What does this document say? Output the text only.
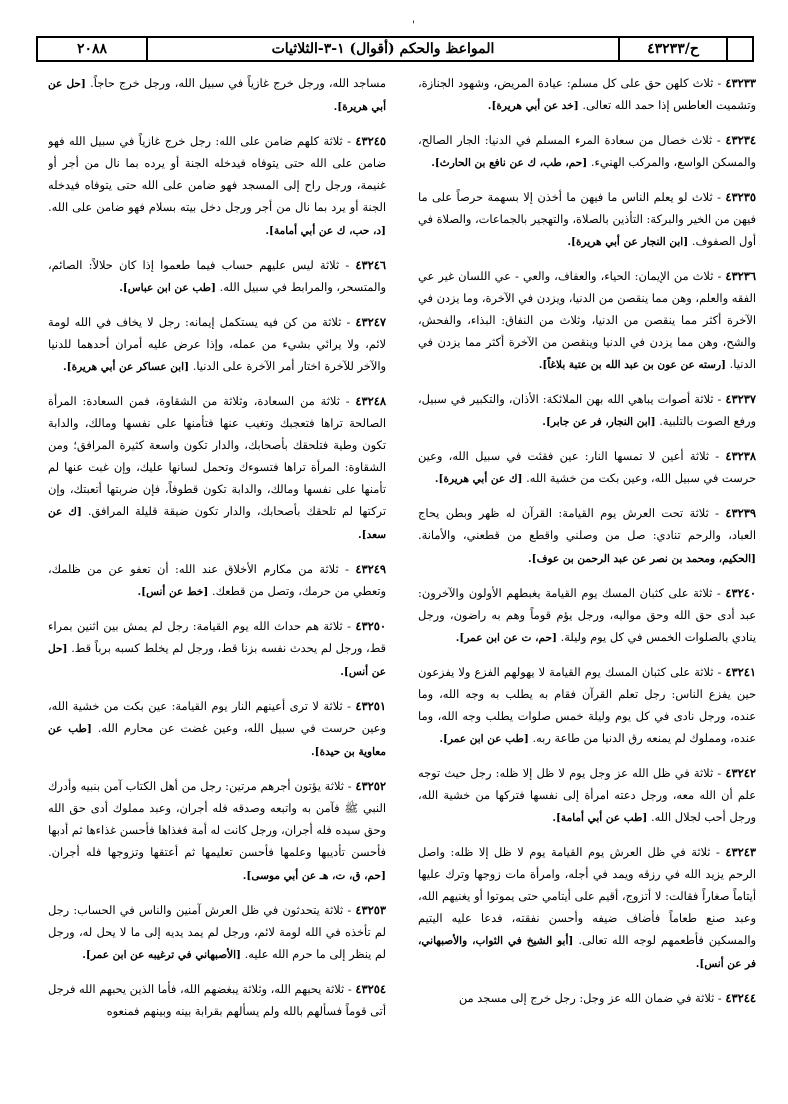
'
٢٠٨٨	المواعظ والحكم (أقوال) ١-٣-الثلاثيات	ح/٤٣٢٣٣

٤٣٢٣٣ - ثلاث كلهن حق على كل مسلم: عيادة المريض، وشهود الجنازة، وتشميت العاطس إذا حمد الله تعالى. [خد عن أبي هريرة].

٤٣٢٣٤ - ثلاث خصال من سعادة المرء المسلم في الدنيا: الجار الصالح، والمسكن الواسع، والمركب الهنيء. [حم، طب، ك عن نافع بن الحارث].

٤٣٢٣٥ - ثلاث لو يعلم الناس ما فيهن ما أخذن إلا بسهمة حرصاً على ما فيهن من الخير والبركة: التأذين بالصلاة، والتهجير بالجماعات، والصلاة في أول الصفوف. [ابن النجار عن أبي هريرة].

٤٣٢٣٦ - ثلاث من الإيمان: الحياء، والعفاف، والعي - عي اللسان غير عي الفقه والعلم، وهن مما ينقصن من الدنيا، ويزدن في الآخرة، وما يزدن في الآخرة أكثر مما ينقصن من الدنيا، وثلاث من النفاق: البذاء، والفحش، والشح، وهن مما يزدن في الدنيا وينقصن من الآخرة أكثر مما يزدن في الدنيا. [رسته عن عون بن عبد الله بن عتبة بلاغاً].

٤٣٢٣٧ - ثلاثة أصوات يباهي الله بهن الملائكة: الأذان، والتكبير في سبيل، ورفع الصوت بالتلبية. [ابن النجار، فر عن جابر].

٤٣٢٣٨ - ثلاثة أعين لا تمسها النار: عين فقئت في سبيل الله، وعين حرست في سبيل الله، وعين بكت من خشية الله. [ك عن أبي هريرة].

٤٣٢٣٩ - ثلاثة تحت العرش يوم القيامة: القرآن له ظهر وبطن يحاج العباد، والرحم تنادي: صل من وصلني واقطع من قطعني، والأمانة. [الحكيم، ومحمد بن نصر عن عبد الرحمن بن عوف].

٤٣٢٤٠ - ثلاثة على كثبان المسك يوم القيامة يغبطهم الأولون والآخرون: عبد أدى حق الله وحق مواليه، ورجل يؤم قوماً وهم به راضون، ورجل ينادي بالصلوات الخمس في كل يوم وليلة. [حم، ت عن ابن عمر].

٤٣٢٤١ - ثلاثة على كثبان المسك يوم القيامة لا يهولهم الفزع ولا يفزعون حين يفزع الناس: رجل تعلم القرآن فقام به يطلب به وجه الله، وما عنده، ورجل نادى في كل يوم وليلة خمس صلوات يطلب وجه الله، وما عنده، ومملوك لم يمنعه رق الدنيا من طاعة ربه. [طب عن ابن عمر].

٤٣٢٤٢ - ثلاثة في ظل الله عز وجل يوم لا ظل إلا ظله: رجل حيث توجه علم أن الله معه، ورجل دعته امرأة إلى نفسها فتركها من خشية الله، ورجل أحب لجلال الله. [طب عن أبي أمامة].

٤٣٢٤٣ - ثلاثة في ظل العرش يوم القيامة يوم لا ظل إلا ظله: واصل الرحم يزيد الله في رزقه ويمد في أجله، وامرأة مات زوجها وترك عليها أيتاماً صغاراً فقالت: لا أتزوج، أقيم على أيتامي حتى يموتوا أو يغنيهم الله، وعبد صنع طعاماً فأضاف ضيفه وأحسن نفقته، فدعا عليه اليتيم والمسكين فأطعمهم لوجه الله تعالى. [أبو الشيخ في الثواب، والأصبهاني، فر عن أنس].

٤٣٢٤٤ - ثلاثة في ضمان الله عز وجل: رجل خرج إلى مسجد من

مساجد الله، ورجل خرج غازياً في سبيل الله، ورجل خرج حاجاً. [حل عن أبي هريرة].

٤٣٢٤٥ - ثلاثة كلهم ضامن على الله: رجل خرج غازياً في سبيل الله فهو ضامن على الله حتى يتوفاه فيدخله الجنة أو يرده بما نال من أجر أو غنيمة، ورجل راح إلى المسجد فهو ضامن على الله حتى يتوفاه فيدخله الجنة أو يرد بما نال من أجر ورجل دخل بيته بسلام فهو ضامن على الله. [د، حب، ك عن أبي أمامة].

٤٣٢٤٦ - ثلاثة ليس عليهم حساب فيما طعموا إذا كان حلالاً: الصائم، والمتسحر، والمرابط في سبيل الله. [طب عن ابن عباس].

٤٣٢٤٧ - ثلاثة من كن فيه يستكمل إيمانه: رجل لا يخاف في الله لومة لائم، ولا يرائي بشيء من عمله، وإذا عرض عليه أمران أحدهما للدنيا والآخر للآخرة اختار أمر الآخرة على الدنيا. [ابن عساكر عن أبي هريرة].

٤٣٢٤٨ - ثلاثة من السعادة، وثلاثة من الشقاوة، فمن السعادة: المرأة الصالحة تراها فتعجبك وتغيب عنها فتأمنها على نفسها ومالك، والدابة تكون وطية فتلحقك بأصحابك، والدار تكون واسعة كثيرة المرافق؛ ومن الشقاوة: المرأة تراها فتسوءك وتحمل لسانها عليك، وإن غبت عنها لم تأمنها على نفسها ومالك، والدابة تكون قطوفاً، فإن ضربتها أتعبتك، وإن تركتها لم تلحقك بأصحابك، والدار تكون ضيقة قليلة المرافق. [ك عن سعد].

٤٣٢٤٩ - ثلاثة من مكارم الأخلاق عند الله: أن تعفو عن من ظلمك، وتعطي من حرمك، وتصل من قطعك. [خط عن أنس].

٤٣٢٥٠ - ثلاثة هم حداث الله يوم القيامة: رجل لم يمش بين اثنين بمراء قط، ورجل لم يحدث نفسه بزنا قط، ورجل لم يخلط كسبه برباً قط. [حل عن أنس].

٤٣٢٥١ - ثلاثة لا ترى أعينهم النار يوم القيامة: عين بكت من خشية الله، وعين حرست في سبيل الله، وعين غضت عن محارم الله. [طب عن معاوية بن حيدة].

٤٣٢٥٢ - ثلاثة يؤتون أجرهم مرتين: رجل من أهل الكتاب آمن بنبيه وأدرك النبي ﷺ فآمن به واتبعه وصدقه فله أجران، وعبد مملوك أدى حق الله وحق سيده فله أجران، ورجل كانت له أمة فغذاها فأحسن غذاءها ثم أدبها فأحسن تأديبها وعلمها فأحسن تعليمها ثم أعتقها وتزوجها فله أجران. [حم، ق، ت، هـ عن أبي موسى].

٤٣٢٥٣ - ثلاثة يتحدثون في ظل العرش آمنين والناس في الحساب: رجل لم تأخذه في الله لومة لائم، ورجل لم يمد يديه إلى ما لا يحل له، ورجل لم ينظر إلى ما حرم الله عليه. [الأصبهاني في ترغيبه عن ابن عمر].

٤٣٢٥٤ - ثلاثة يحبهم الله، وثلاثة يبغضهم الله، فأما الذين يحبهم الله فرجل أتى قوماً فسألهم بالله ولم يسألهم بقرابة بينه وبينهم فمنعوه
